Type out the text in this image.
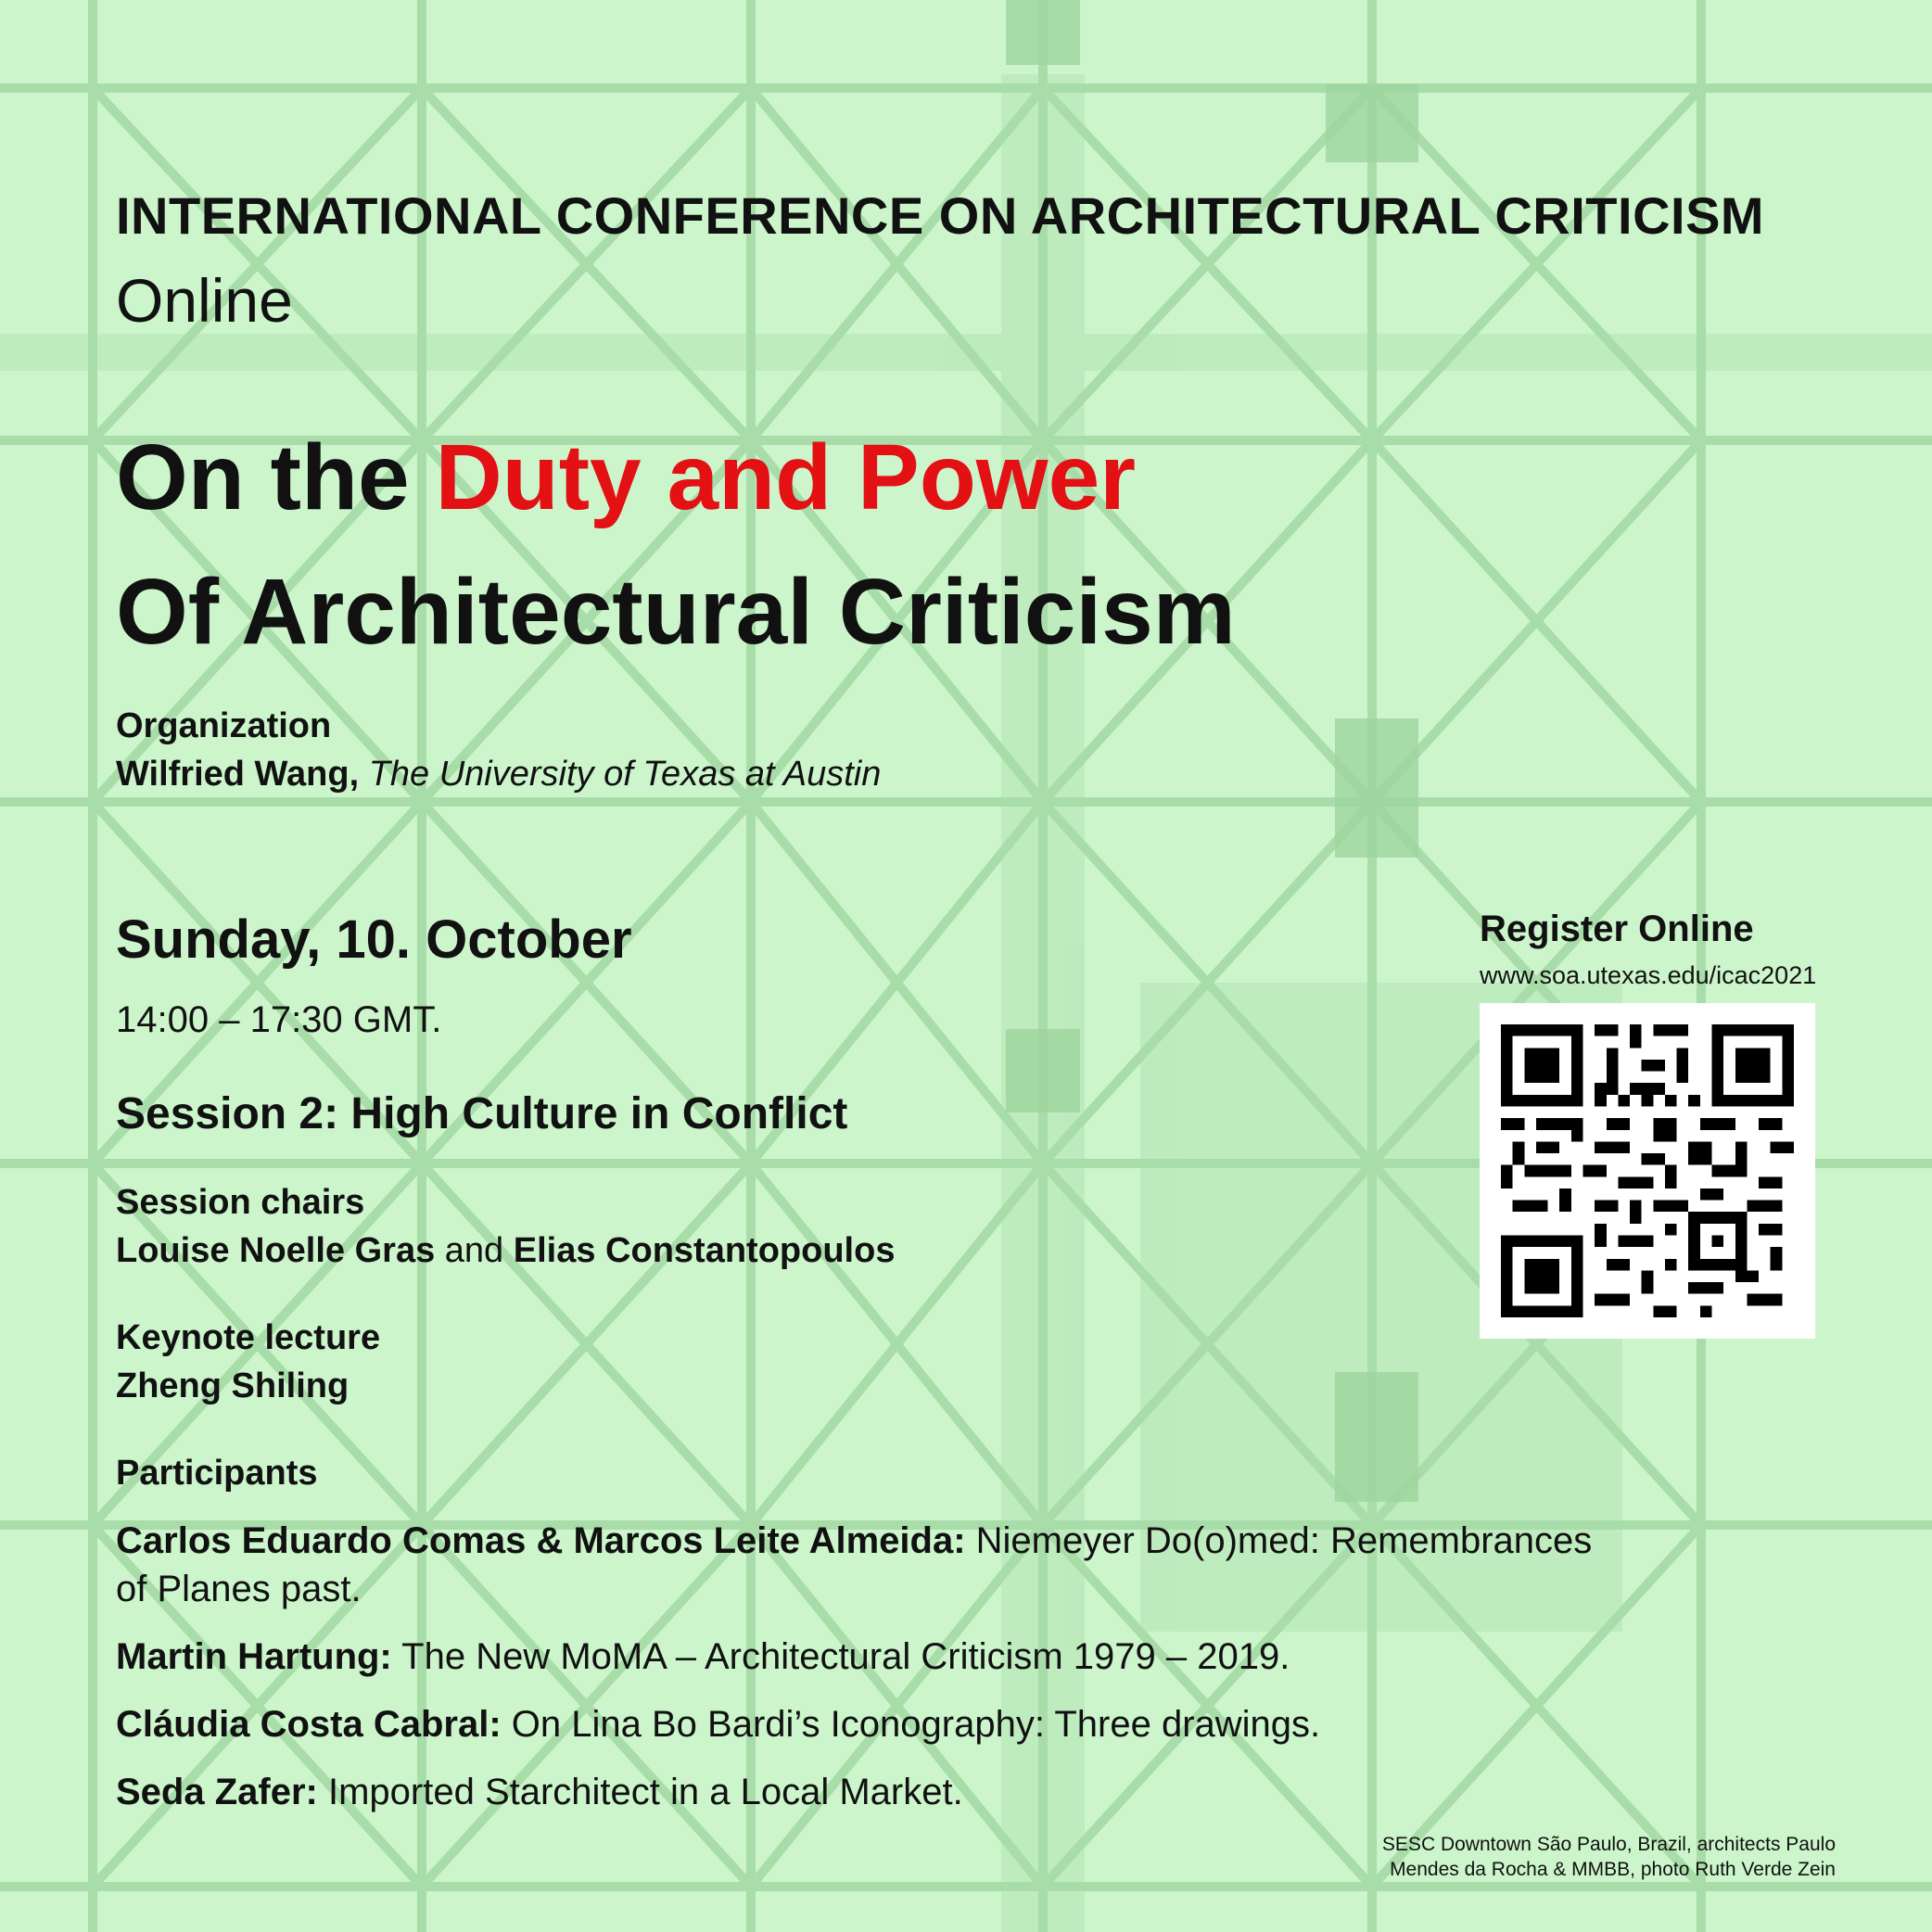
INTERNATIONAL CONFERENCE ON ARCHITECTURAL CRITICISM
Online
On the Duty and Power
Of Architectural Criticism
Organization
Wilfried Wang, The University of Texas at Austin
Sunday, 10. October
14:00 – 17:30 GMT.
Session 2: High Culture in Conflict
Session chairs
Louise Noelle Gras and Elias Constantopoulos
Keynote lecture
Zheng Shiling
Participants
Carlos Eduardo Comas & Marcos Leite Almeida: Niemeyer Do(o)med: Remembrances
of Planes past.
Martin Hartung: The New MoMA – Architectural Criticism 1979 – 2019.
Cláudia Costa Cabral: On Lina Bo Bardi’s Iconography: Three drawings.
Seda Zafer: Imported Starchitect in a Local Market.
Register Online
www.soa.utexas.edu/icac2021
SESC Downtown São Paulo, Brazil, architects Paulo
Mendes da Rocha & MMBB, photo Ruth Verde Zein
